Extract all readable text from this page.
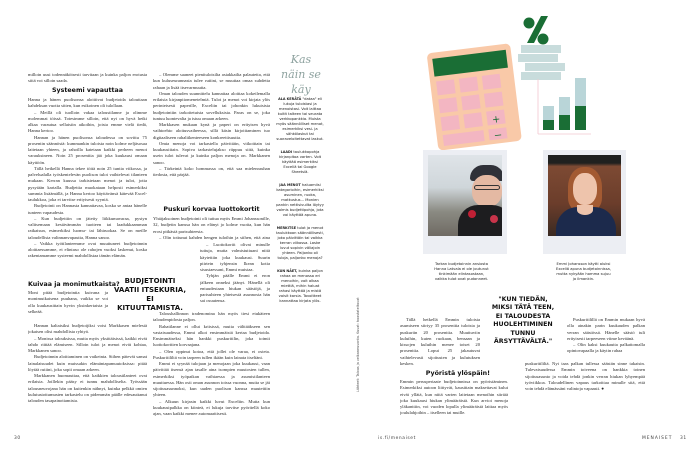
milloin uusi todennäköisesti tarvitaan ja kuinka paljon erotusta siitä voi silloin saada.

Systeemi vapauttaa

Hanna ja hänen puolisonsa aloittivat budjetoida talouttaan kahdeksan vuotta sitten, kun esikoinen oli tulollaan.

– Meillä oli tuolloin vakaa taloustilanne ja olimme molemmat töissä. Totesimme silloin, että nyt on hyvä hetki alkaa varautua sellaisiin aikoihin, joista emme vielä tiedä, Hanna kertoo.

Hannan ja hänen puolisonsa taloudessa on sovittu 75 prosentin säännöstä: kummankin tuloista noin kolme neljäsosaa laitetaan yhteen, ja rahoilla katetaan kaikki perheen menot varauksineen. Noin 25 prosenttia jää joka kuukausi omaan käyttöön.

Tällä hetkellä Hanna tekee töitä noin 25 tuntia viikossa, ja palvelualalla työskentelevän puolison tulot vaihtelevat tilanteen mukaan. Kerran kuussa tarkistetaan menot ja tulot, jotta pysytään kartalla. Budjettia muokataan helposti esimerkiksi summia lisäämällä, ja Hanna kertoo käyttävänsä kätevää Excel-taulukkoa, joka ei tarvitse erityisesti syyniä.

Budjetointi on Hannasta kannattavaa, koska se antaa hänelle tunteen vapaudesta.

– Kun budjettiin on jätetty liikkumavaraa, pystyn valitsemaan kestävämmän tuotteen tai laadukkaamman ratkaisun, esimerkiksi luomu- tai lähiruokaa. Se on meille taloudellista valinnanvapautta, Hanna sanoo.

– Vaikka työtilanteemme ovat muuttuneet budjetoinnin aloittaessamme, ei elintaso ole rahojen vuoksi laskenut, koska rakentamamme systeemi mahdollistaa tämän elämän.

Kuivaa ja monimutkaista?

Moni pitää budjetointia kuivana ja monimutkaisena puuhana, vaikka se voi olla kuukausittain hyvin yksinkertaista ja selkeää.

Hannan kaltaisiksi budjetoijiksi voisi Markkasen mielestä jokaisen olisi mahdollista ryhtyä.

– Monissa talouksissa, mutta myös yksittäisissä, kaikki eivät tahdo riittää elämiseen. Silloin tulot ja menot eivät kohtaa, Markkanen sanoo.

Budjetoinnin aloittaminen on vaikeinta. Siihen pätevät samat lainalaisuudet kuin muissakin elämäntapamuutoksissa: pitää löytää rutiini, joka sopii omaan arkeen.

Markkanen huomauttaa, että kaikkien taloustilanteet ovat erilaisia. Joillekin pääsy ei tunnu mahdolliselta. Työssään talousneuvojana hän on kuitenkin nähnyt, kuinka pelkkä omien kulutustottumusten tarkastelu on pidemmän päälle edesauttanut talouden tasapainottamista.

– Olemme saaneet pienituloisilta asiakkailta palautetta, että kun kuluseurannasta tulee rutiini, se muuttaa omaa suhdetta rahaan ja lisää itsevarmuutta.

Oman talouden suunnittelu kannattaa aloittaa kokeilemalla erilaisia kirjanpitomenetelmiä. Tulot ja menot voi kirjata ylös perinteisesti paperille, Exceliin tai johonkin lukuisista budjetointiin tarkoitetuista sovelluksista. Paras on se, joka tuntuu luontevalta ja istuu omaan arkeen.

Markkasen mukaan kynä ja paperi on erityisen hyvä vaihtoehto aloitusvaiheessa, sillä käsin kirjoittaminen tuo digitaaliseen rahaliikenteeseen konkreettisuutta.

Omia menoja voi tarkastella päivittäin, viikoittain tai kuukausittain. Sopiva tarkastelujakso riippuu siitä, kuinka usein tulot tulevat ja kuinka paljon menoja on. Markkanen sanoo.

– Tärkeintä koko hommassa on, että saa mielenrauhan tiedosta, että pärjää.

Puskuri korvaa luottokortit

Yhtäjaksoinen budjetointi oli tuttua myös Emmi Johanssonille, 32, budjetin kanssa hän on elänyt jo kolme vuotta, kun hän erosi pitkästä parisuhteesta.

– Olin tottunut kahden hengen tuloihin ja siihen, että aina

– Luottokortit olivat minulle tuttuja, mutta valmistuttuani niitä käytettiin joka kuukausi. Suurin piirtein tyhjensin Ikean kotia sisustaessani, Emmi muistaa.

Tyhjän päälle Emmi ei eron jälkeen onneksi jäänyt. Hänellä oli entuudestaan hiukan säästöjä, ja parisuhteen yhteisestä asunnosta hän sai osuutensa.

Taloushallinnon tradenomina hän myös tiesi etukäteen taloudenpidosta paljon.

Rahatilanne ei ollut kriisissä, mutta välttääkseen sen vastaisuudessa, Emmi alkoi ensimmäistä kertaa budjetoida. Ensimmäiseksi hän hankki puskuritilin, joka toimii luottokorttien korvaajana.

– Olen oppinut kotoa, että jollei ole varaa, ei osteta. Puskuritililtä voin tarpeen tullen ikään kuin lainata itseltäni.

Emmi ei syynää tulojaan ja menojaan joka kuukausi, vaan päivittää itsensä ajan tasalle aina isompien muutosten tullen, esimerkiksi työpaikan vaihtaessa ja asumistilanteen muuttuessa. Hän osti oman asunnon toissa vuonna, mutta se jäi sijoitusasunnoksi, kun uuden puolison kanssa muutettiin yhteen.

– Alkuun kirjasin kaikki luvut Exceliin. Mutta kun kuukausipalkka on kiinteä, ei lukuja tarvitse pyöritellä koko ajan, vaan kaikki menee automaattisesti.

BUDJETOINTI VAATII ITSEKURIA, EI KITUUTTAMISTA.
Kas näin se käy

ALA KERÄTÄ "dataa" eli lukuja tuloistasi ja menoistasi. Voit laittaa kuitit talteen tai seurata verkkopankkia. Muista myös säännölliset menot, esimerkiksi vesi- ja sähkölaskut tai suoraveloitettavat laskut.

LAADI taulukkopohja kirjanpitoa varten. Voit käyttää esimerkiksi Exceliä tai Google Sheetsiä.

JAA MENOT haluamiisi kategorioihin, esimerkiksi asuminen, ruoka, matkustus... Monien pankin nettisivuilta löytyy valmis budjettipohja, jota voi käyttää apuna.

MERKITSE tulot ja menot taulukkoon säännöllisesti, joko päivittäin tai vaikka kerran viikossa. Laske luvut sopivin väliajoin yhteen. Paljonko oli tuloja, paljonko menoja?

KUN NÄET, kuinka paljon rahaa on menossa eri menoihin, voit alkaa miettiä, mihin haluat rahasi käyttää ja mistä voisit karsia. Tavoitteet kannattaa kirjata ylös.

30
Lähteet: Talous ja velkaneuvonta. Kuvat: haastateltavat
+
−
Tarkan budjetoinnin ansiosta Hanna Latvala ei ole joutunut tinkimään elintasostaan, vaikka tulot ovat pudonneet.
Emmi Johansson käytti aluksi Exceliä apuna budjetoinnissa, mutta nykyään homma sujuu jo ilmankin.

Tällä hetkellä Emmin tuloista asumiseen siirtyy 35 prosenttia tuloista ja puskuriin 20 prosenttia. Muuttuviin kuluihin, kuten ruokaan, bensaan ja kissojen kuluihin menee toiset 20 prosenttia. Loput 25 jakautuvat vaihtelevasti sijoitusten ja kulutuksen kesken.

"KUN TIEDÄN, MIKSI TÄTÄ TEEN, EI TALOUDESTA HUOLEHTIMINEN TUNNU ÄRSYTTÄVÄLTÄ."

Puskuritilillä on Emmin mukaan hyvä olla ainakin parin kuukauden palkan verran säästössä. Hänelle säästö tuli erityisesti tarpeeseen viime keväänä.

– Olin kaksi kuukautta palkattomalla opintovapaalla ja käytin rahaa

Pyöristä ylöspäin!

Emmin perusperiaate budjetoinnissa on pyöristäminen. Esimerkiksi autoon liittyvät, kausittain maksettavat kulut eivät yllätä, kun niitä varten laitetaan menoihin siirtää joka kuukausi hiukan ylimääräistä. Kun arvioi menoja yläkanttiin, voi vuoden lopulla ylimääräistä laittaa myös joululahjoihin – itselleen tai muille.

puskuritililtä. Nyt taas palkan tullessa säästän sinne takaisin. Tulevaisuudessa Emmin toiveena on hankkia toinen sijoitusasunto ja voida tehdä jonkin verran hiukan lyhyempää työviikkoa. Taloudellinen vapaus tarkoittaa minulle sitä, että voin tehdä elämässäni valintoja vapaasti. ●

is.fi/menaiset	MENAISET 31
